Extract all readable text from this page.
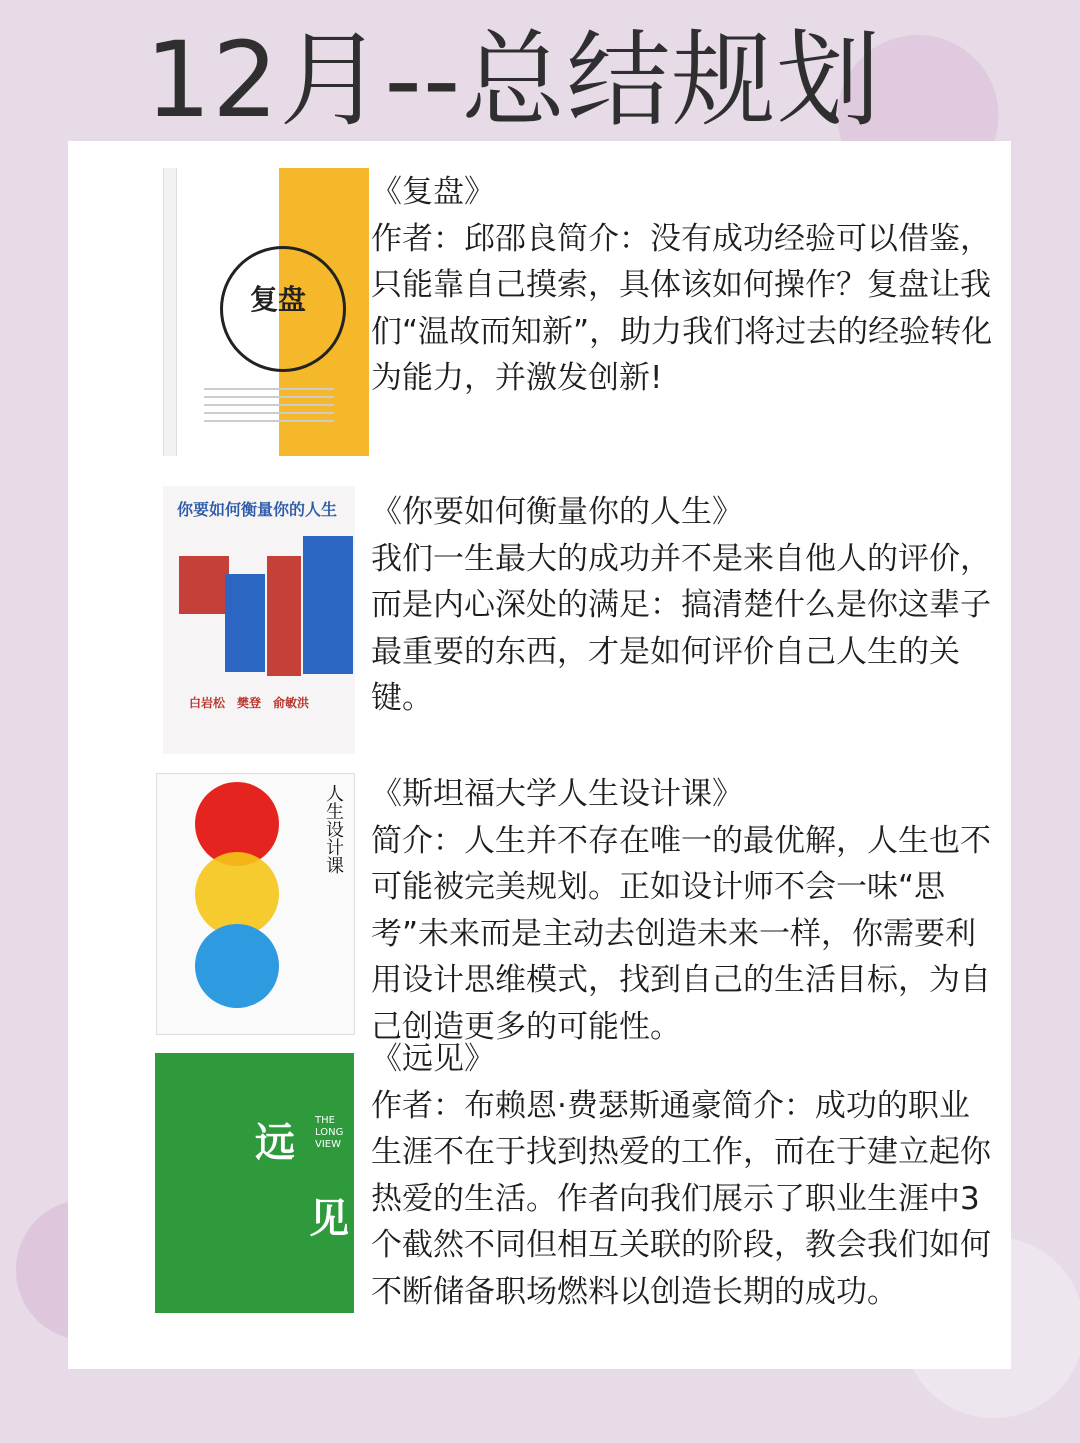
12月--总结规划
复盘

《复盘》

作者：邱邵良简介：没有成功经验可以借鉴，只能靠自己摸索，具体该如何操作？复盘让我们“温故而知新”，助力我们将过去的经验转化为能力，并激发创新!

你要如何衡量你的人生
白岩松　樊登　俞敏洪

《你要如何衡量你的人生》

我们一生最大的成功并不是来自他人的评价，而是内心深处的满足：搞清楚什么是你这辈子最重要的东西，才是如何评价自己人生的关键。

人生设计课 《斯坦福大学人生设计课》

简介：人生并不存在唯一的最优解，人生也不可能被完美规划。正如设计师不会一味“思考”未来而是主动去创造未来一样，你需要利用设计思维模式，找到自己的生活目标，为自己创造更多的可能性。

远
见
THE LONG VIEW

《远见》

作者：布赖恩·费瑟斯通豪简介：成功的职业生涯不在于找到热爱的工作，而在于建立起你热爱的生活。作者向我们展示了职业生涯中3个截然不同但相互关联的阶段，教会我们如何不断储备职场燃料以创造长期的成功。
